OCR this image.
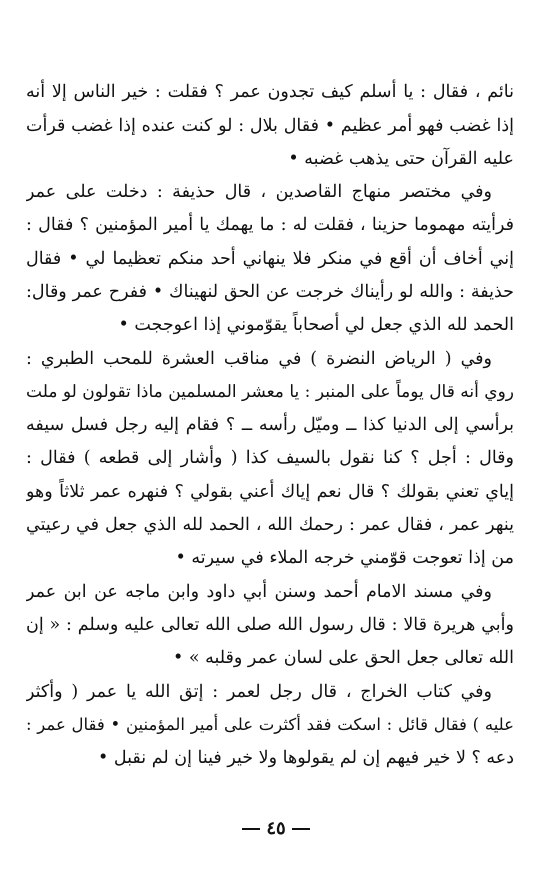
نائم ، فقال : يا أسلم كيف تجدون عمر ؟ فقلت : خير الناس إلا أنه
إذا غضب فهو أمر عظيم • فقال بلال : لو كنت عنده إذا غضب قرأت
عليه القرآن حتى يذهب غضبه •
وفي مختصر منهاج القاصدين ، قال حذيفة : دخلت على عمر
فرأيته مهموما حزينا ، فقلت له : ما يهمك يا أمير المؤمنين ؟ فقال :
إني أخاف أن أقع في منكر فلا ينهاني أحد منكم تعظيما لي • فقال
حذيفة : والله لو رأيناك خرجت عن الحق لنهيناك • ففرح عمر وقال:
الحمد لله الذي جعل لي أصحاباً يقوّموني إذا اعوججت •
وفي ( الرياض النضرة ) في مناقب العشرة للمحب الطبري :
روي أنه قال يوماً على المنبر : يا معشر المسلمين ماذا تقولون لو ملت
برأسي إلى الدنيا كذا ــ وميّل رأسه ــ ؟ فقام إليه رجل فسل سيفه
وقال : أجل ؟ كنا نقول بالسيف كذا ( وأشار إلى قطعه ) فقال :
إياي تعني بقولك ؟ قال نعم إياك أعني بقولي ؟ فنهره عمر ثلاثاً وهو
ينهر عمر ، فقال عمر : رحمك الله ، الحمد لله الذي جعل في رعيتي
من إذا تعوجت قوّمني خرجه الملاء في سيرته •
وفي مسند الامام أحمد وسنن أبي داود وابن ماجه عن ابن عمر
وأبي هريرة قالا : قال رسول الله صلى الله تعالى عليه وسلم : « إن
الله تعالى جعل الحق على لسان عمر وقلبه » •
وفي كتاب الخراج ، قال رجل لعمر : إتق الله يا عمر ( وأكثر
عليه ) فقال قائل : اسكت فقد أكثرت على أمير المؤمنين • فقال عمر :
دعه ؟ لا خير فيهم إن لم يقولوها ولا خير فينا إن لم نقبل •
٤٥
